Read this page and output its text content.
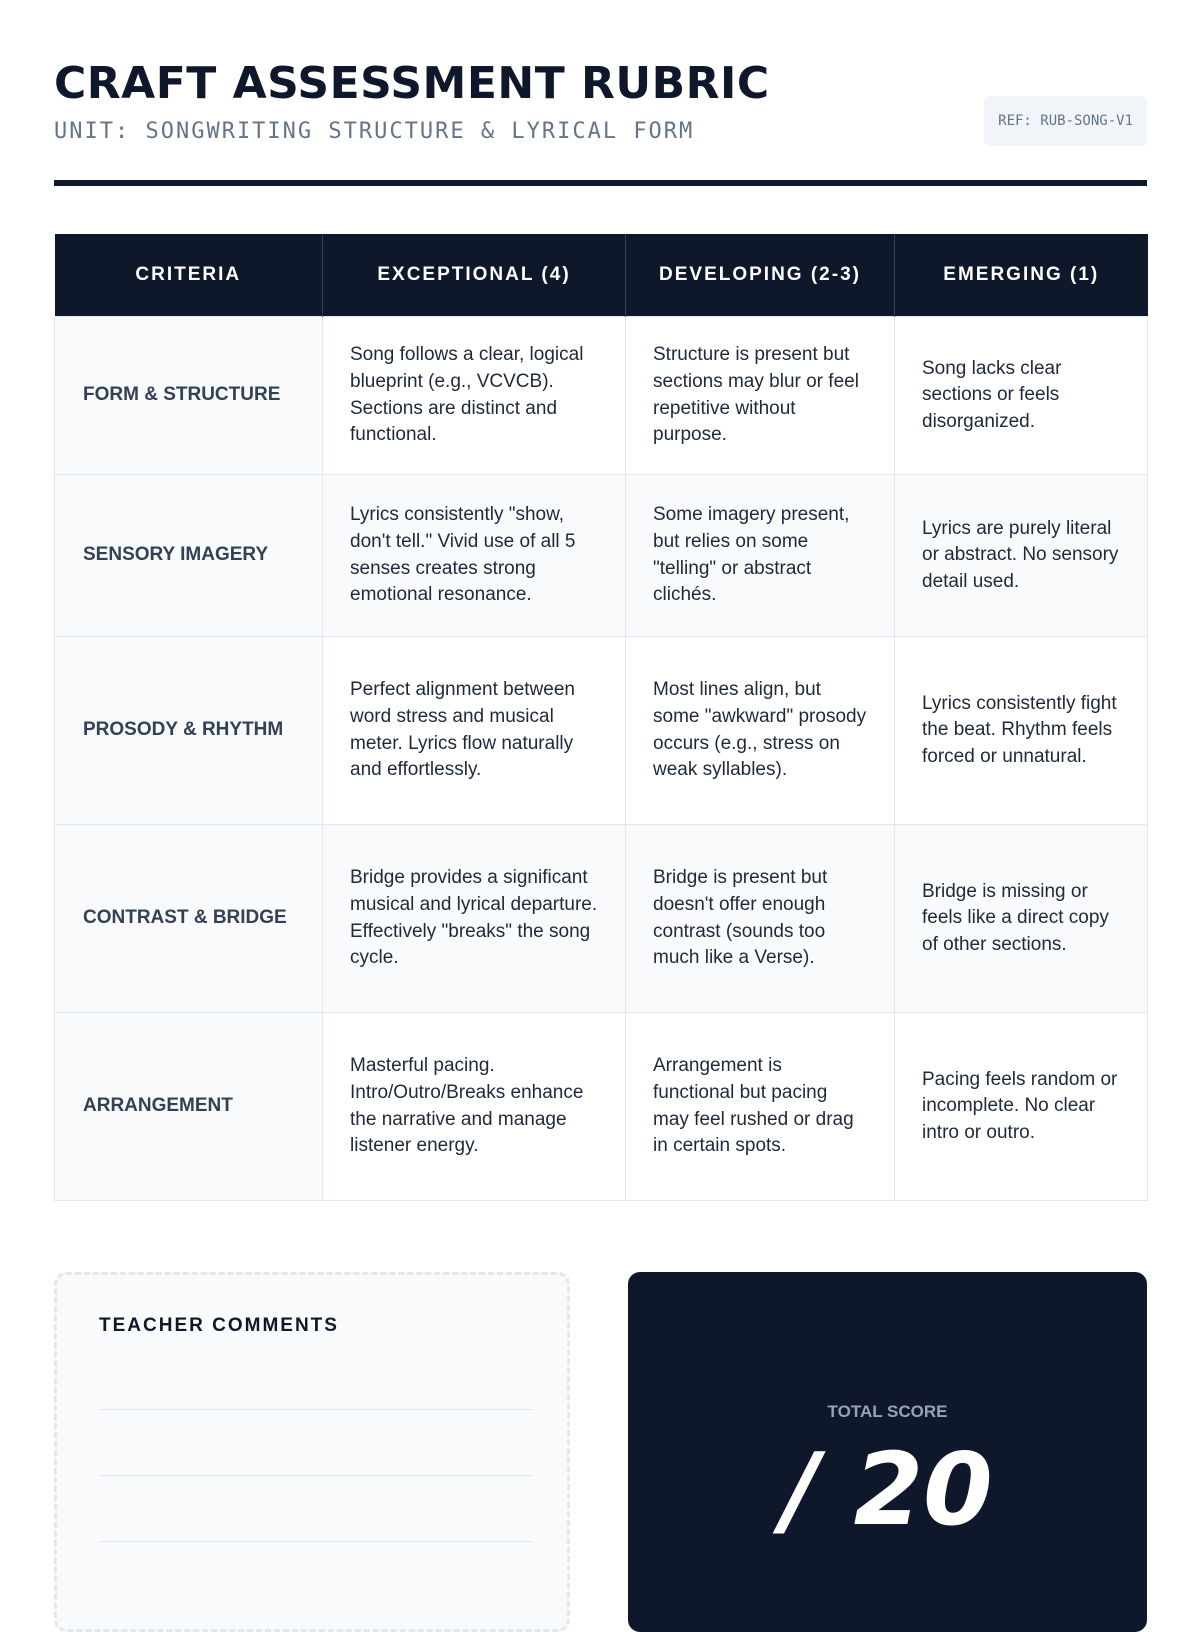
CRAFT ASSESSMENT RUBRIC
UNIT: SONGWRITING STRUCTURE & LYRICAL FORM	REF: RUB-SONG-V1
CRITERIA	EXCEPTIONAL (4)	DEVELOPING (2-3)	EMERGING (1)
FORM & STRUCTURE	Song follows a clear, logical blueprint (e.g., VCVCB). Sections are distinct and functional.	Structure is present but sections may blur or feel repetitive without purpose.	Song lacks clear sections or feels disorganized.
SENSORY IMAGERY	Lyrics consistently "show, don't tell." Vivid use of all 5 senses creates strong emotional resonance.	Some imagery present, but relies on some "telling" or abstract clichés.	Lyrics are purely literal or abstract. No sensory detail used.
PROSODY & RHYTHM	Perfect alignment between word stress and musical meter. Lyrics flow naturally and effortlessly.	Most lines align, but some "awkward" prosody occurs (e.g., stress on weak syllables).	Lyrics consistently fight the beat. Rhythm feels forced or unnatural.
CONTRAST & BRIDGE	Bridge provides a significant musical and lyrical departure. Effectively "breaks" the song cycle.	Bridge is present but doesn't offer enough contrast (sounds too much like a Verse).	Bridge is missing or feels like a direct copy of other sections.
ARRANGEMENT	Masterful pacing. Intro/Outro/Breaks enhance the narrative and manage listener energy.	Arrangement is functional but pacing may feel rushed or drag in certain spots.	Pacing feels random or incomplete. No clear intro or outro.
TEACHER COMMENTS
TOTAL SCORE
/ 20
